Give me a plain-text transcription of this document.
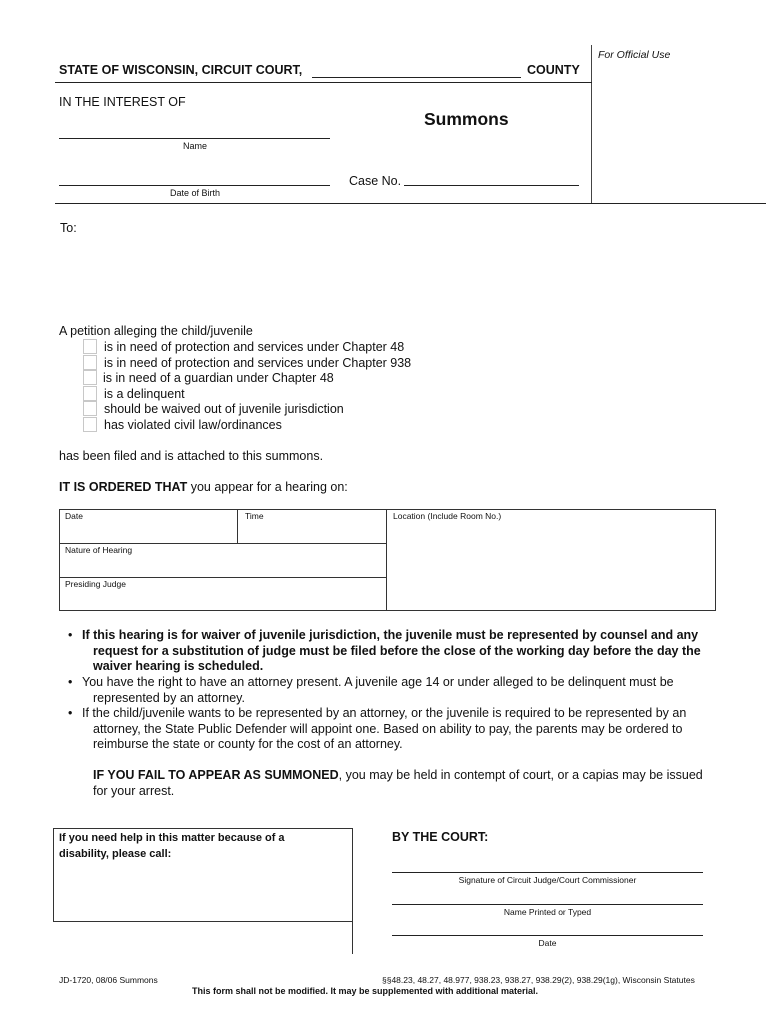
For Official Use
STATE OF WISCONSIN, CIRCUIT COURT,	COUNTY
IN THE INTEREST OF
Summons
Name
Case No.
Date of Birth
To:
A petition alleging the child/juvenile
is in need of protection and services under Chapter 48
is in need of protection and services under Chapter 938
is in need of a guardian under Chapter 48
is a delinquent
should be waived out of juvenile jurisdiction
has violated civil law/ordinances
has been filed and is attached to this summons.
IT IS ORDERED THAT you appear for a hearing on:
Date	Time	Location (Include Room No.)
Nature of Hearing
Presiding Judge
• If this hearing is for waiver of juvenile jurisdiction, the juvenile must be represented by counsel and any
request for a substitution of judge must be filed before the close of the working day before the day the
waiver hearing is scheduled.
• You have the right to have an attorney present. A juvenile age 14 or under alleged to be delinquent must be
represented by an attorney.
• If the child/juvenile wants to be represented by an attorney, or the juvenile is required to be represented by an
attorney, the State Public Defender will appoint one. Based on ability to pay, the parents may be ordered to
reimburse the state or county for the cost of an attorney.
IF YOU FAIL TO APPEAR AS SUMMONED, you may be held in contempt of court, or a capias may be issued
for your arrest.
If you need help in this matter because of a
disability, please call:
BY THE COURT:
Signature of Circuit Judge/Court Commissioner
Name Printed or Typed
Date
JD-1720, 08/06 Summons	§§48.23, 48.27, 48.977, 938.23, 938.27, 938.29(2), 938.29(1g), Wisconsin Statutes
This form shall not be modified. It may be supplemented with additional material.
